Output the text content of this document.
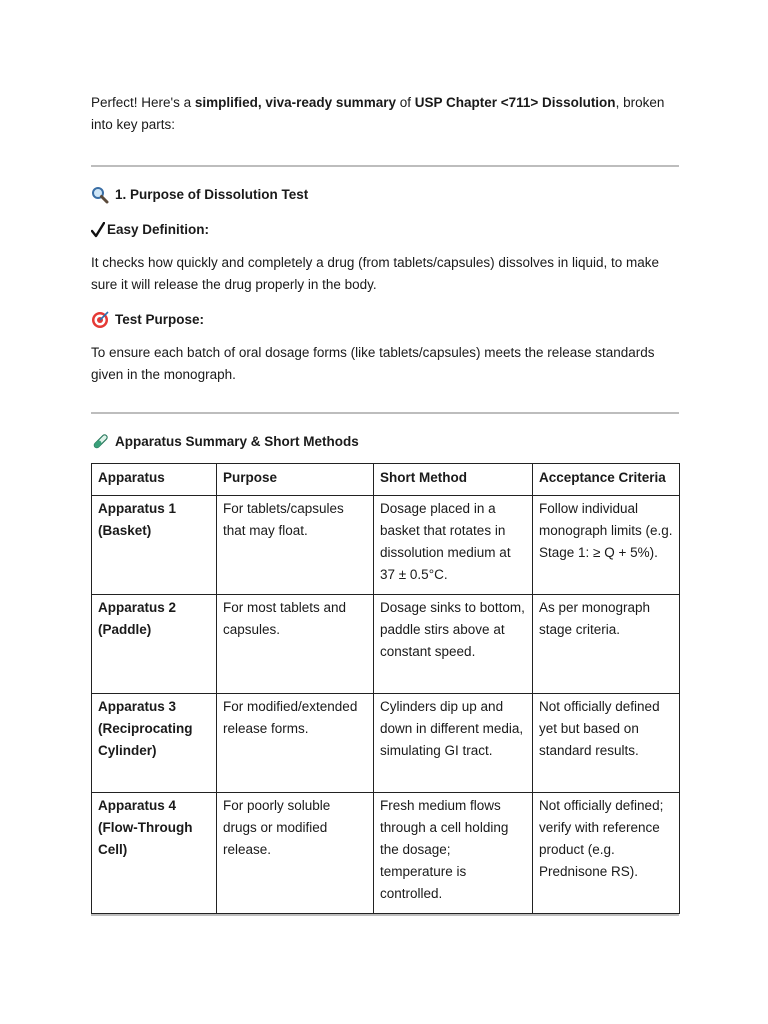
Perfect! Here's a simplified, viva-ready summary of USP Chapter <711> Dissolution, broken into key parts:

1. Purpose of Dissolution Test
Easy Definition:

It checks how quickly and completely a drug (from tablets/capsules) dissolves in liquid, to make sure it will release the drug properly in the body.

Test Purpose:

To ensure each batch of oral dosage forms (like tablets/capsules) meets the release standards given in the monograph.

Apparatus Summary & Short Methods
Apparatus	Purpose	Short Method	Acceptance Criteria
Apparatus 1 (Basket)	For tablets/capsules that may float.	Dosage placed in a basket that rotates in dissolution medium at 37 ± 0.5°C.	Follow individual monograph limits (e.g. Stage 1: ≥ Q + 5%).
Apparatus 2 (Paddle)	For most tablets and capsules.	Dosage sinks to bottom, paddle stirs above at constant speed.	As per monograph stage criteria.
Apparatus 3 (Reciprocating Cylinder)	For modified/extended release forms.	Cylinders dip up and down in different media, simulating GI tract.	Not officially defined yet but based on standard results.
Apparatus 4 (Flow-Through Cell)	For poorly soluble drugs or modified release.	Fresh medium flows through a cell holding the dosage; temperature is controlled.	Not officially defined; verify with reference product (e.g. Prednisone RS).
